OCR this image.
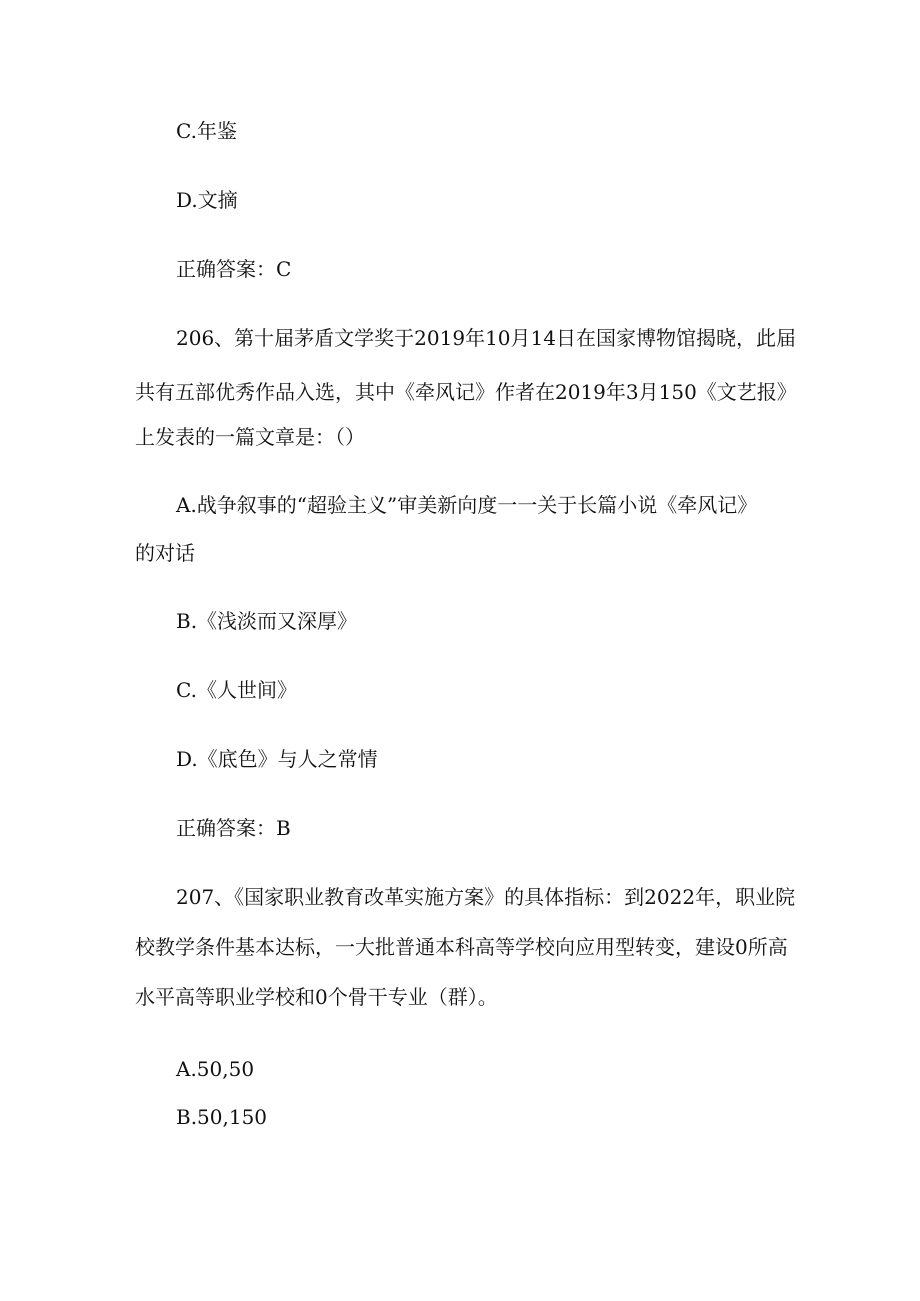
C.年鉴

D.文摘

正确答案：C

206、第十届茅盾文学奖于2019年10月14日在国家博物馆揭晓，此届

共有五部优秀作品入选，其中《牵风记》作者在2019年3月150《文艺报》

上发表的一篇文章是：（）

A.战争叙事的“超验主义”审美新向度一一关于长篇小说《牵风记》

的对话

B.《浅淡而又深厚》

C.《人世间》

D.《底色》与人之常情

正确答案：B

207、《国家职业教育改革实施方案》的具体指标：到2022年，职业院

校教学条件基本达标，一大批普通本科高等学校向应用型转变，建设0所高

水平高等职业学校和0个骨干专业（群）。

A.50,50

B.50,150
